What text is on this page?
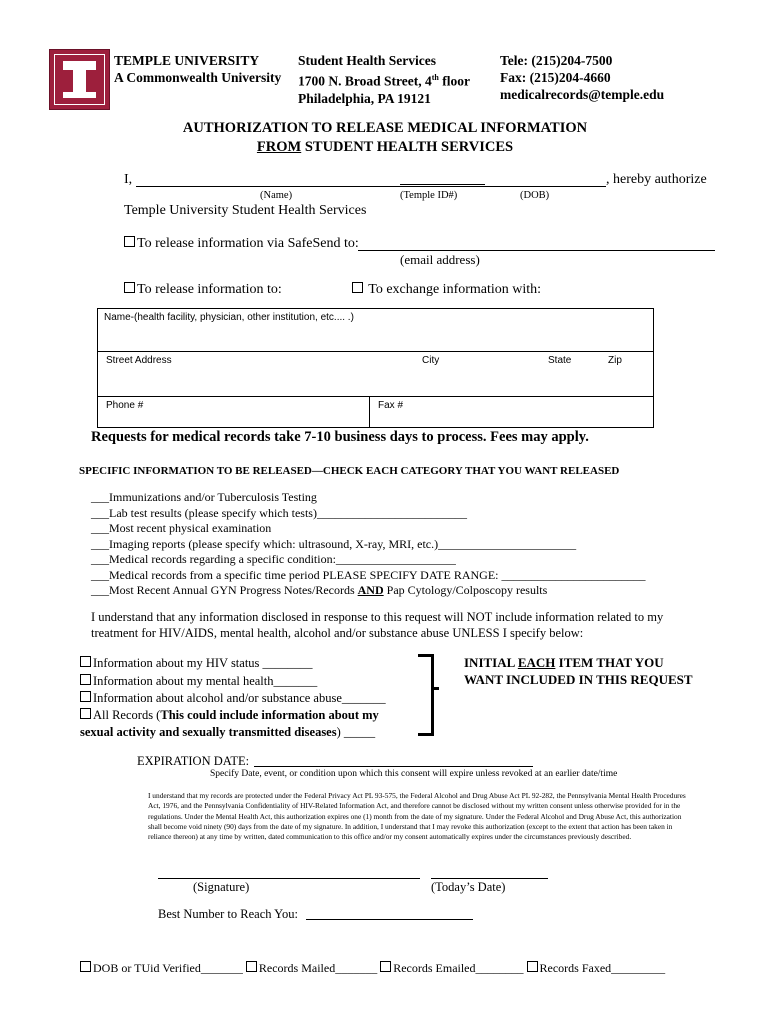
TEMPLE UNIVERSITY
A Commonwealth University
Student Health Services
1700 N. Broad Street, 4th floor
Philadelphia, PA 19121
Tele: (215)204-7500
Fax: (215)204-4660
medicalrecords@temple.edu
AUTHORIZATION TO RELEASE MEDICAL INFORMATION
FROM STUDENT HEALTH SERVICES
I,	, hereby authorize
(Name)	(Temple ID#)	(DOB)
Temple University Student Health Services
To release information via SafeSend to:
(email address)
To release information to:	To exchange information with:
Name-(health facility, physician, other institution, etc.... .)
Street Address	City	State	Zip
Phone #	Fax #
Requests for medical records take 7-10 business days to process. Fees may apply.
SPECIFIC INFORMATION TO BE RELEASED—CHECK EACH CATEGORY THAT YOU WANT RELEASED
___Immunizations and/or Tuberculosis Testing
___Lab test results (please specify which tests)_________________________
___Most recent physical examination
___Imaging reports (please specify which: ultrasound, X-ray, MRI, etc.)_______________________
___Medical records regarding a specific condition:____________________
___Medical records from a specific time period PLEASE SPECIFY DATE RANGE: ________________________
___Most Recent Annual GYN Progress Notes/Records AND Pap Cytology/Colposcopy results
I understand that any information disclosed in response to this request will NOT include information related to my treatment for HIV/AIDS, mental health, alcohol and/or substance abuse UNLESS I specify below:
Information about my HIV status ________
Information about my mental health_______
Information about alcohol and/or substance abuse_______
All Records (This could include information about my sexual activity and sexually transmitted diseases) _____
INITIAL EACH ITEM THAT YOU WANT INCLUDED IN THIS REQUEST
EXPIRATION DATE:
Specify Date, event, or condition upon which this consent will expire unless revoked at an earlier date/time
I understand that my records are protected under the Federal Privacy Act PL 93-575, the Federal Alcohol and Drug Abuse Act PL 92-282, the Pennsylvania Mental Health Procedures Act, 1976, and the Pennsylvania Confidentiality of HIV-Related Information Act, and therefore cannot be disclosed without my written consent unless otherwise provided for in the regulations. Under the Mental Health Act, this authorization expires one (1) month from the date of my signature. Under the Federal Alcohol and Drug Abuse Act, this authorization shall become void ninety (90) days from the date of my signature. In addition, I understand that I may revoke this authorization (except to the extent that action has been taken in reliance thereon) at any time by written, dated communication to this office and/or my consent automatically expires under the circumstances previously described.
(Signature)	(Today’s Date)
Best Number to Reach You:
DOB or TUid Verified_______ Records Mailed_______ Records Emailed________ Records Faxed_________
